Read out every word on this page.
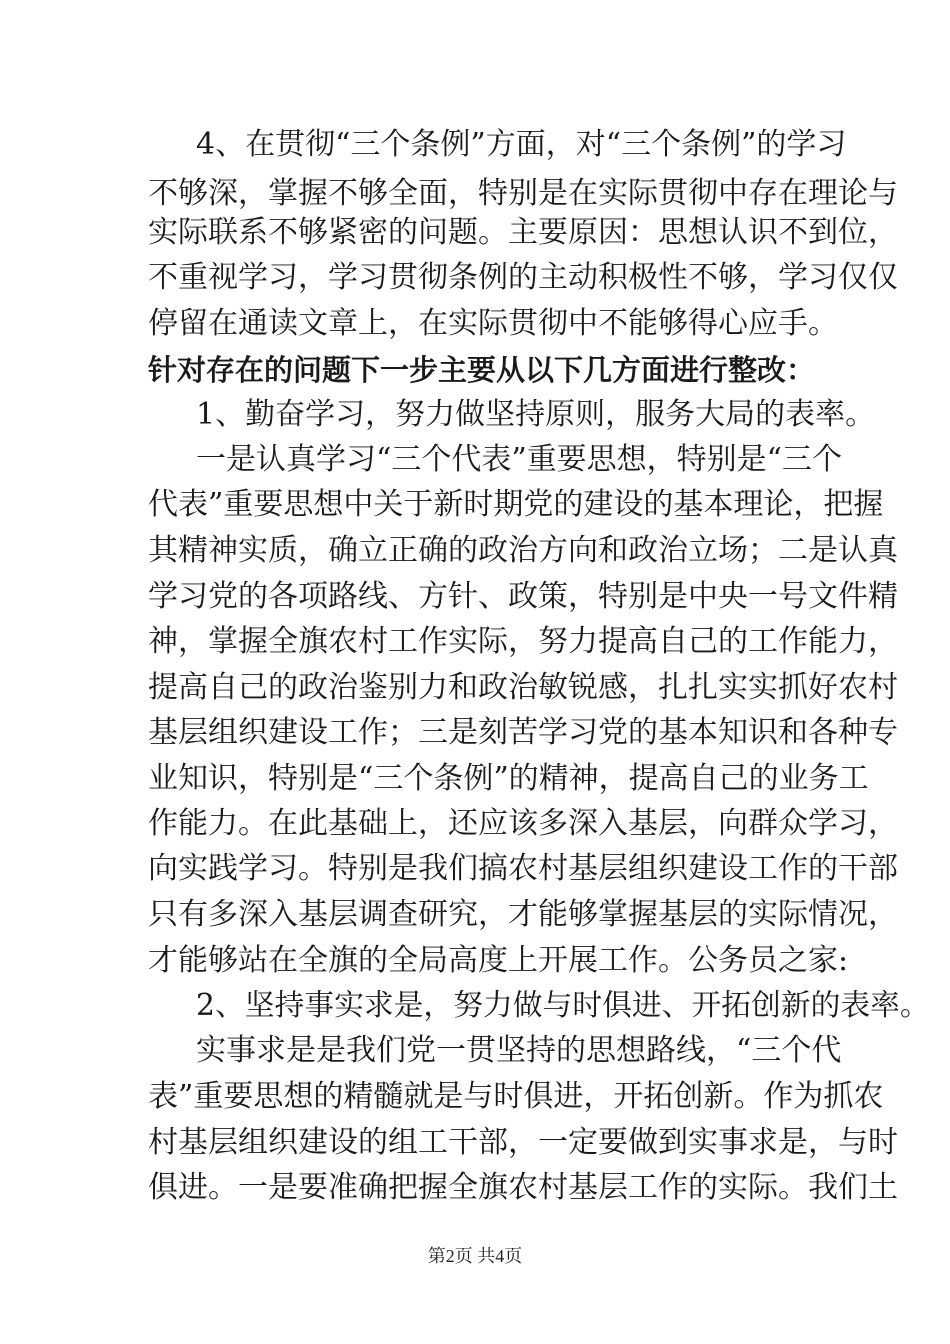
4、在贯彻“三个条例”方面，对“三个条例”的学习
不够深，掌握不够全面，特别是在实际贯彻中存在理论与
实际联系不够紧密的问题。主要原因：思想认识不到位，
不重视学习，学习贯彻条例的主动积极性不够，学习仅仅
停留在通读文章上，在实际贯彻中不能够得心应手。
针对存在的问题下一步主要从以下几方面进行整改：
1、勤奋学习，努力做坚持原则，服务大局的表率。
一是认真学习“三个代表”重要思想，特别是“三个
代表”重要思想中关于新时期党的建设的基本理论，把握
其精神实质，确立正确的政治方向和政治立场；二是认真
学习党的各项路线、方针、政策，特别是中央一号文件精
神，掌握全旗农村工作实际，努力提高自己的工作能力，
提高自己的政治鉴别力和政治敏锐感，扎扎实实抓好农村
基层组织建设工作；三是刻苦学习党的基本知识和各种专
业知识，特别是“三个条例”的精神，提高自己的业务工
作能力。在此基础上，还应该多深入基层，向群众学习，
向实践学习。特别是我们搞农村基层组织建设工作的干部
只有多深入基层调查研究，才能够掌握基层的实际情况，
才能够站在全旗的全局高度上开展工作。公务员之家:
2、坚持事实求是，努力做与时俱进、开拓创新的表率。
实事求是是我们党一贯坚持的思想路线，“三个代
表”重要思想的精髓就是与时俱进，开拓创新。作为抓农
村基层组织建设的组工干部，一定要做到实事求是，与时
俱进。一是要准确把握全旗农村基层工作的实际。我们土
第2页 共4页
